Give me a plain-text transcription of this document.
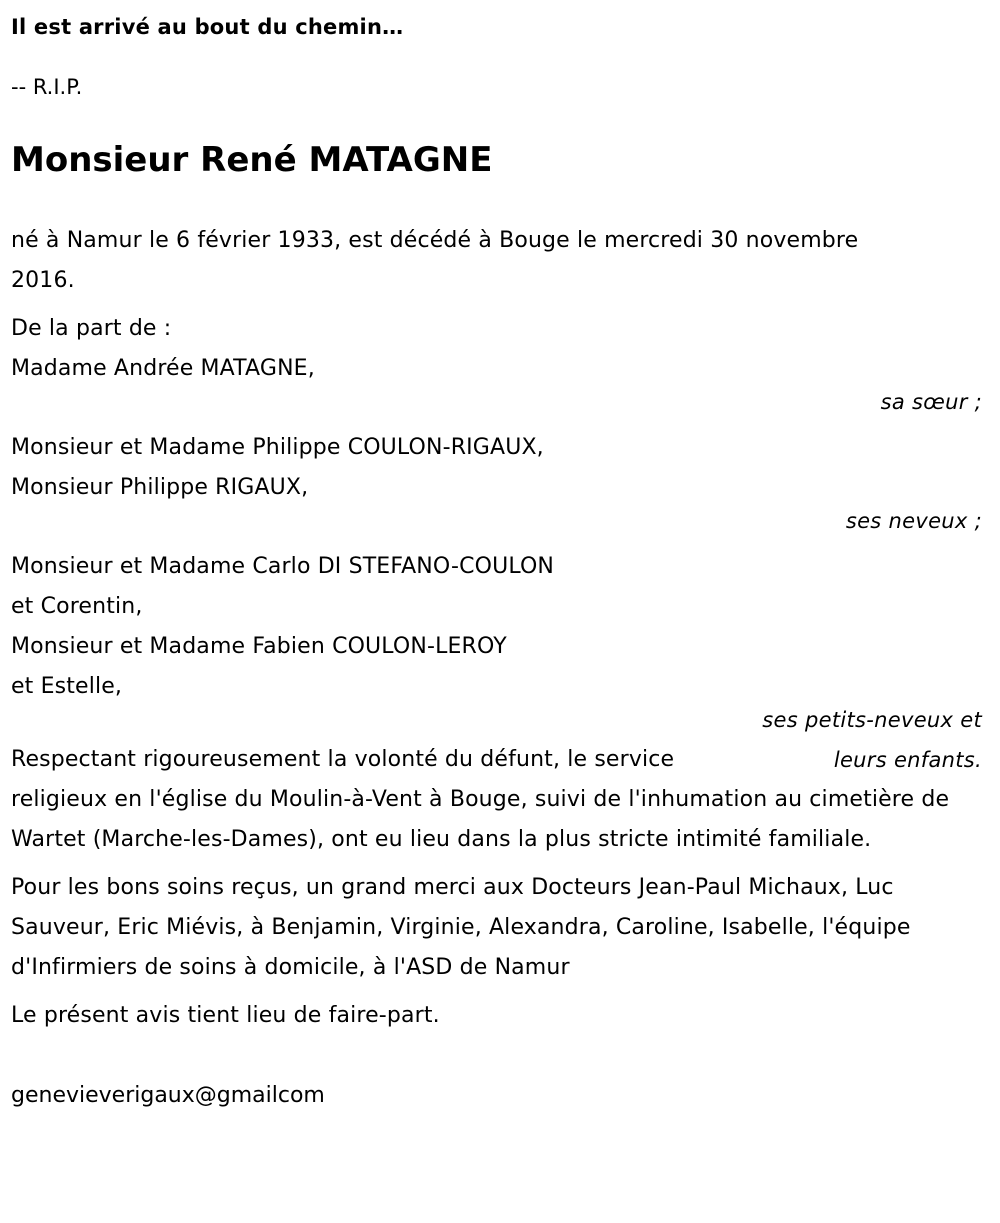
Il est arrivé au bout du chemin…

-- R.I.P.

Monsieur René MATAGNE

né à Namur le 6 février 1933, est décédé à Bouge le mercredi 30 novembre 2016.

De la part de :

Madame Andrée MATAGNE,

sa sœur ;

Monsieur et Madame Philippe COULON-RIGAUX,

Monsieur Philippe RIGAUX,

ses neveux ;

Monsieur et Madame Carlo DI STEFANO-COULON

et Corentin,

Monsieur et Madame Fabien COULON-LEROY

et Estelle,

ses petits-neveux et leurs enfants.

Respectant rigoureusement la volonté du défunt, le service religieux en l'église du Moulin-à-Vent à Bouge, suivi de l'inhumation au cimetière de Wartet (Marche-les-Dames), ont eu lieu dans la plus stricte intimité familiale.

Pour les bons soins reçus, un grand merci aux Docteurs Jean-Paul Michaux, Luc Sauveur, Eric Miévis, à Benjamin, Virginie, Alexandra, Caroline, Isabelle, l'équipe d'Infirmiers de soins à domicile, à l'ASD de Namur

Le présent avis tient lieu de faire-part.

genevieverigaux@gmailcom
